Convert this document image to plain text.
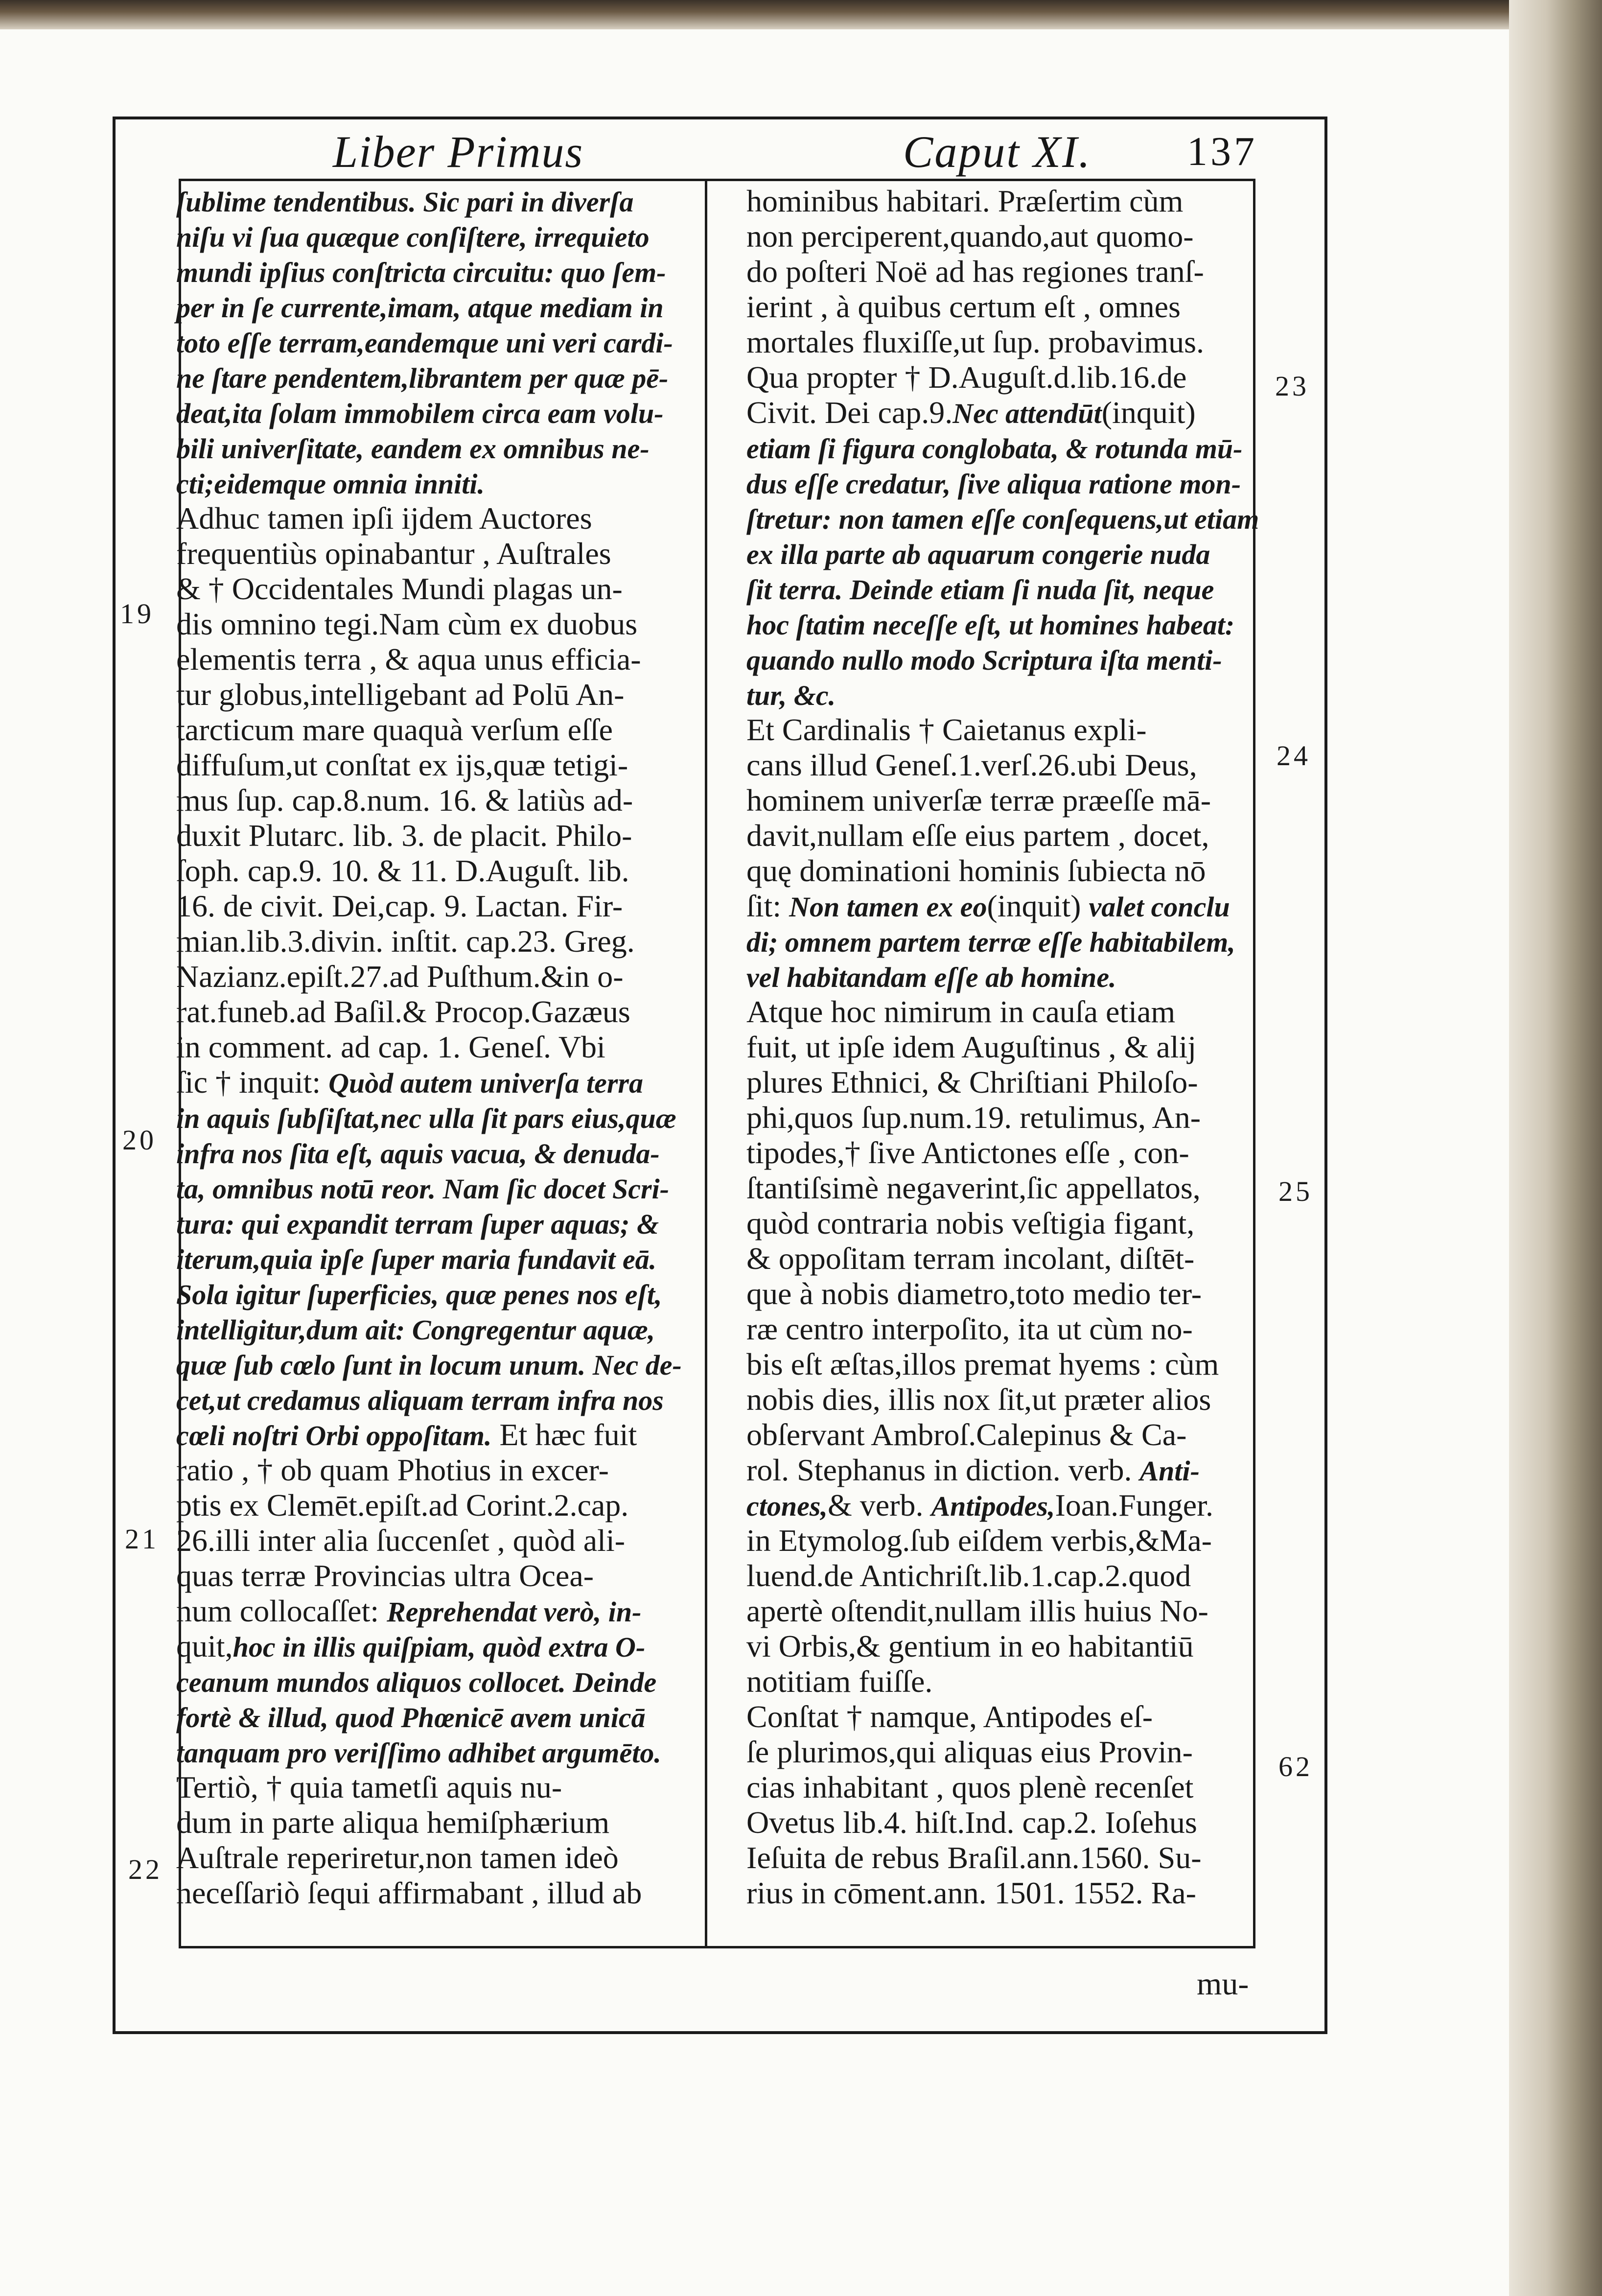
Liber Primus	Caput XI. 137
ſublime tendentibus. Sic pari in diverſa
niſu vi ſua quæque conſiſtere, irrequieto
mundi ipſius conſtricta circuitu: quo ſem-
per in ſe currente,imam, atque mediam in
toto eſſe terram,eandemque uni veri cardi-
ne ſtare pendentem,librantem per quæ pē-
deat,ita ſolam immobilem circa eam volu-
bili univerſitate, eandem ex omnibus ne-
cti;eidemque omnia inniti.
Adhuc tamen ipſi ijdem Auctores
frequentiùs opinabantur , Auſtrales
& † Occidentales Mundi plagas un-
dis omnino tegi.Nam cùm ex duobus
elementis terra , & aqua unus efficia-
tur globus,intelligebant ad Polū An-
tarcticum mare quaquà verſum eſſe
diffuſum,ut conſtat ex ijs,quæ tetigi-
mus ſup. cap.8.num. 16. & latiùs ad-
duxit Plutarc. lib. 3. de placit. Philo-
ſoph. cap.9. 10. & 11. D.Auguſt. lib.
16. de civit. Dei,cap. 9. Lactan. Fir-
mian.lib.3.divin. inſtit. cap.23. Greg.
Nazianz.epiſt.27.ad Puſthum.&in o-
rat.funeb.ad Baſil.& Procop.Gazæus
in comment. ad cap. 1. Geneſ. Vbi
ſic † inquit: Quòd autem univerſa terra
in aquis ſubſiſtat,nec ulla ſit pars eius,quæ
infra nos ſita eſt, aquis vacua, & denuda-
ta, omnibus notū reor. Nam ſic docet Scri-
tura: qui expandit terram ſuper aquas; &
iterum,quia ipſe ſuper maria fundavit eā.
Sola igitur ſuperficies, quæ penes nos eſt,
intelligitur,dum ait: Congregentur aquæ,
quæ ſub cœlo ſunt in locum unum. Nec de-
cet,ut credamus aliquam terram infra nos
cœli noſtri Orbi oppoſitam. Et hæc fuit
ratio , † ob quam Photius in excer-
ptis ex Clemēt.epiſt.ad Corint.2.cap.
26.illi inter alia ſuccenſet , quòd ali-
quas terræ Provincias ultra Ocea-
num collocaſſet: Reprehendat verò, in-
quit,hoc in illis quiſpiam, quòd extra O-
ceanum mundos aliquos collocet. Deinde
fortè & illud, quod Phœnicē avem unicā
tanquam pro veriſſimo adhibet argumēto.
Tertiò, † quia tametſi aquis nu-
dum in parte aliqua hemiſphærium
Auſtrale reperiretur,non tamen ideò
neceſſariò ſequi affirmabant , illud ab
hominibus habitari. Præſertim cùm
non perciperent,quando,aut quomo-
do poſteri Noë ad has regiones tranſ-
ierint , à quibus certum eſt , omnes
mortales fluxiſſe,ut ſup. probavimus.
Qua propter † D.Auguſt.d.lib.16.de
Civit. Dei cap.9.Nec attendūt(inquit)
etiam ſi figura conglobata, & rotunda mū-
dus eſſe credatur, ſive aliqua ratione mon-
ſtretur: non tamen eſſe conſequens,ut etiam
ex illa parte ab aquarum congerie nuda
ſit terra. Deinde etiam ſi nuda ſit, neque
hoc ſtatim neceſſe eſt, ut homines habeat:
quando nullo modo Scriptura iſta menti-
tur, &c.
Et Cardinalis † Caietanus expli-
cans illud Geneſ.1.verſ.26.ubi Deus,
hominem univerſæ terræ præeſſe mā-
davit,nullam eſſe eius partem , docet,
quę dominationi hominis ſubiecta nō
ſit: Non tamen ex eo(inquit) valet conclu
di; omnem partem terræ eſſe habitabilem,
vel habitandam eſſe ab homine.
Atque hoc nimirum in cauſa etiam
fuit, ut ipſe idem Auguſtinus , & alij
plures Ethnici, & Chriſtiani Philoſo-
phi,quos ſup.num.19. retulimus, An-
tipodes,† ſive Antictones eſſe , con-
ſtantiſsimè negaverint,ſic appellatos,
quòd contraria nobis veſtigia figant,
& oppoſitam terram incolant, diſtēt-
que à nobis diametro,toto medio ter-
ræ centro interpoſito, ita ut cùm no-
bis eſt æſtas,illos premat hyems : cùm
nobis dies, illis nox ſit,ut præter alios
obſervant Ambroſ.Calepinus & Ca-
rol. Stephanus in diction. verb. Anti-
ctones,& verb. Antipodes,Ioan.Funger.
in Etymolog.ſub eiſdem verbis,&Ma-
luend.de Antichriſt.lib.1.cap.2.quod
apertè oſtendit,nullam illis huius No-
vi Orbis,& gentium in eo habitantiū
notitiam fuiſſe.
Conſtat † namque, Antipodes eſ-
ſe plurimos,qui aliquas eius Provin-
cias inhabitant , quos plenè recenſet
Ovetus lib.4. hiſt.Ind. cap.2. Ioſehus
Ieſuita de rebus Braſil.ann.1560. Su-
rius in cōment.ann. 1501. 1552. Ra-
19
20
21
22
23
24
25
62
mu-
